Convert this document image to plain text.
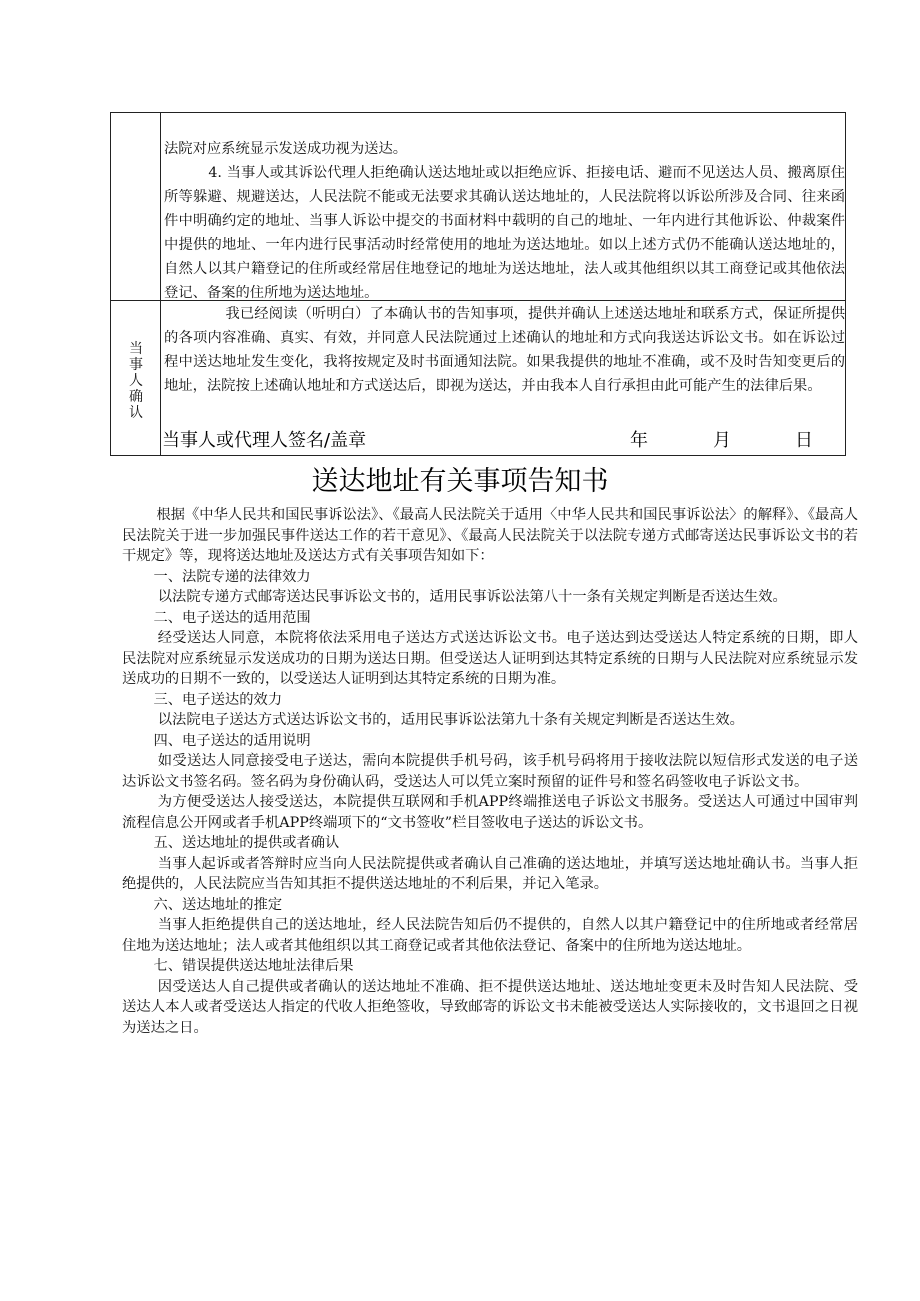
法院对应系统显示发送成功视为送达。

4. 当事人或其诉讼代理人拒绝确认送达地址或以拒绝应诉、拒接电话、避而不见送达人员、搬离原住所等躲避、规避送达，人民法院不能或无法要求其确认送达地址的，人民法院将以诉讼所涉及合同、往来函件中明确约定的地址、当事人诉讼中提交的书面材料中载明的自己的地址、一年内进行其他诉讼、仲裁案件中提供的地址、一年内进行民事活动时经常使用的地址为送达地址。如以上述方式仍不能确认送达地址的，自然人以其户籍登记的住所或经常居住地登记的地址为送达地址，法人或其他组织以其工商登记或其他依法登记、备案的住所地为送达地址。

当
事
人
确
认

我已经阅读（听明白）了本确认书的告知事项，提供并确认上述送达地址和联系方式，保证所提供的各项内容准确、真实、有效，并同意人民法院通过上述确认的地址和方式向我送达诉讼文书。如在诉讼过程中送达地址发生变化，我将按规定及时书面通知法院。如果我提供的地址不准确，或不及时告知变更后的地址，法院按上述确认地址和方式送达后，即视为送达，并由我本人自行承担由此可能产生的法律后果。

当事人或代理人签名/盖章	年	月	日
送达地址有关事项告知书

根据《中华人民共和国民事诉讼法》、《最高人民法院关于适用〈中华人民共和国民事诉讼法〉的解释》、《最高人民法院关于进一步加强民事件送达工作的若干意见》、《最高人民法院关于以法院专递方式邮寄送达民事诉讼文书的若干规定》等，现将送达地址及送达方式有关事项告知如下：

一、法院专递的法律效力

以法院专递方式邮寄送达民事诉讼文书的，适用民事诉讼法第八十一条有关规定判断是否送达生效。

二、电子送达的适用范围

经受送达人同意，本院将依法采用电子送达方式送达诉讼文书。电子送达到达受送达人特定系统的日期，即人民法院对应系统显示发送成功的日期为送达日期。但受送达人证明到达其特定系统的日期与人民法院对应系统显示发送成功的日期不一致的，以受送达人证明到达其特定系统的日期为准。

三、电子送达的效力

以法院电子送达方式送达诉讼文书的，适用民事诉讼法第九十条有关规定判断是否送达生效。

四、电子送达的适用说明

如受送达人同意接受电子送达，需向本院提供手机号码，该手机号码将用于接收法院以短信形式发送的电子送达诉讼文书签名码。签名码为身份确认码，受送达人可以凭立案时预留的证件号和签名码签收电子诉讼文书。

为方便受送达人接受送达，本院提供互联网和手机APP终端推送电子诉讼文书服务。受送达人可通过中国审判流程信息公开网或者手机APP终端项下的“文书签收”栏目签收电子送达的诉讼文书。

五、送达地址的提供或者确认

当事人起诉或者答辩时应当向人民法院提供或者确认自己准确的送达地址，并填写送达地址确认书。当事人拒绝提供的，人民法院应当告知其拒不提供送达地址的不利后果，并记入笔录。

六、送达地址的推定

当事人拒绝提供自己的送达地址，经人民法院告知后仍不提供的，自然人以其户籍登记中的住所地或者经常居住地为送达地址；法人或者其他组织以其工商登记或者其他依法登记、备案中的住所地为送达地址。

七、错误提供送达地址法律后果

因受送达人自己提供或者确认的送达地址不准确、拒不提供送达地址、送达地址变更未及时告知人民法院、受送达人本人或者受送达人指定的代收人拒绝签收，导致邮寄的诉讼文书未能被受送达人实际接收的，文书退回之日视为送达之日。
